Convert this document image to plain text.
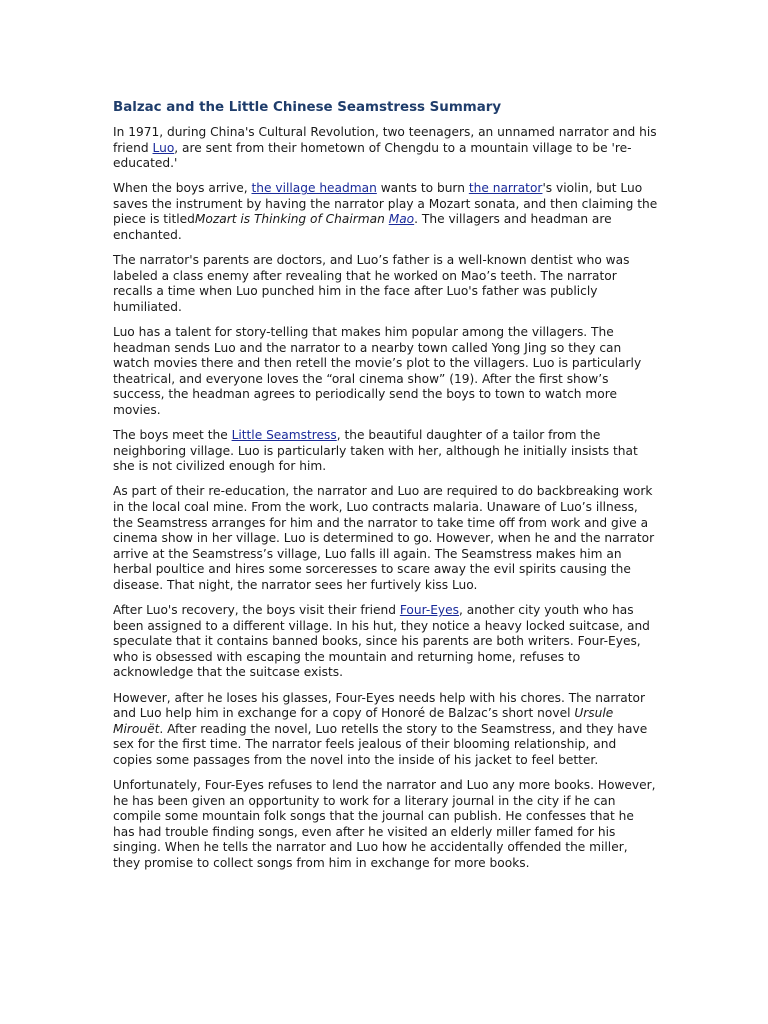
Balzac and the Little Chinese Seamstress Summary

In 1971, during China's Cultural Revolution, two teenagers, an unnamed narrator and his friend Luo, are sent from their hometown of Chengdu to a mountain village to be 're-educated.'

When the boys arrive, the village headman wants to burn the narrator's violin, but Luo saves the instrument by having the narrator play a Mozart sonata, and then claiming the piece is titledMozart is Thinking of Chairman Mao. The villagers and headman are enchanted.

The narrator's parents are doctors, and Luo’s father is a well-known dentist who was labeled a class enemy after revealing that he worked on Mao’s teeth. The narrator recalls a time when Luo punched him in the face after Luo's father was publicly humiliated.

Luo has a talent for story-telling that makes him popular among the villagers. The headman sends Luo and the narrator to a nearby town called Yong Jing so they can watch movies there and then retell the movie’s plot to the villagers. Luo is particularly theatrical, and everyone loves the “oral cinema show” (19). After the first show’s success, the headman agrees to periodically send the boys to town to watch more movies.

The boys meet the Little Seamstress, the beautiful daughter of a tailor from the neighboring village. Luo is particularly taken with her, although he initially insists that she is not civilized enough for him.

As part of their re-education, the narrator and Luo are required to do backbreaking work in the local coal mine. From the work, Luo contracts malaria. Unaware of Luo’s illness, the Seamstress arranges for him and the narrator to take time off from work and give a cinema show in her village. Luo is determined to go. However, when he and the narrator arrive at the Seamstress’s village, Luo falls ill again. The Seamstress makes him an herbal poultice and hires some sorceresses to scare away the evil spirits causing the disease. That night, the narrator sees her furtively kiss Luo.

After Luo's recovery, the boys visit their friend Four-Eyes, another city youth who has been assigned to a different village. In his hut, they notice a heavy locked suitcase, and speculate that it contains banned books, since his parents are both writers. Four-Eyes, who is obsessed with escaping the mountain and returning home, refuses to acknowledge that the suitcase exists.

However, after he loses his glasses, Four-Eyes needs help with his chores. The narrator and Luo help him in exchange for a copy of Honoré de Balzac’s short novel Ursule Mirouët. After reading the novel, Luo retells the story to the Seamstress, and they have sex for the first time. The narrator feels jealous of their blooming relationship, and copies some passages from the novel into the inside of his jacket to feel better.

Unfortunately, Four-Eyes refuses to lend the narrator and Luo any more books. However, he has been given an opportunity to work for a literary journal in the city if he can compile some mountain folk songs that the journal can publish. He confesses that he has had trouble finding songs, even after he visited an elderly miller famed for his singing. When he tells the narrator and Luo how he accidentally offended the miller, they promise to collect songs from him in exchange for more books.
